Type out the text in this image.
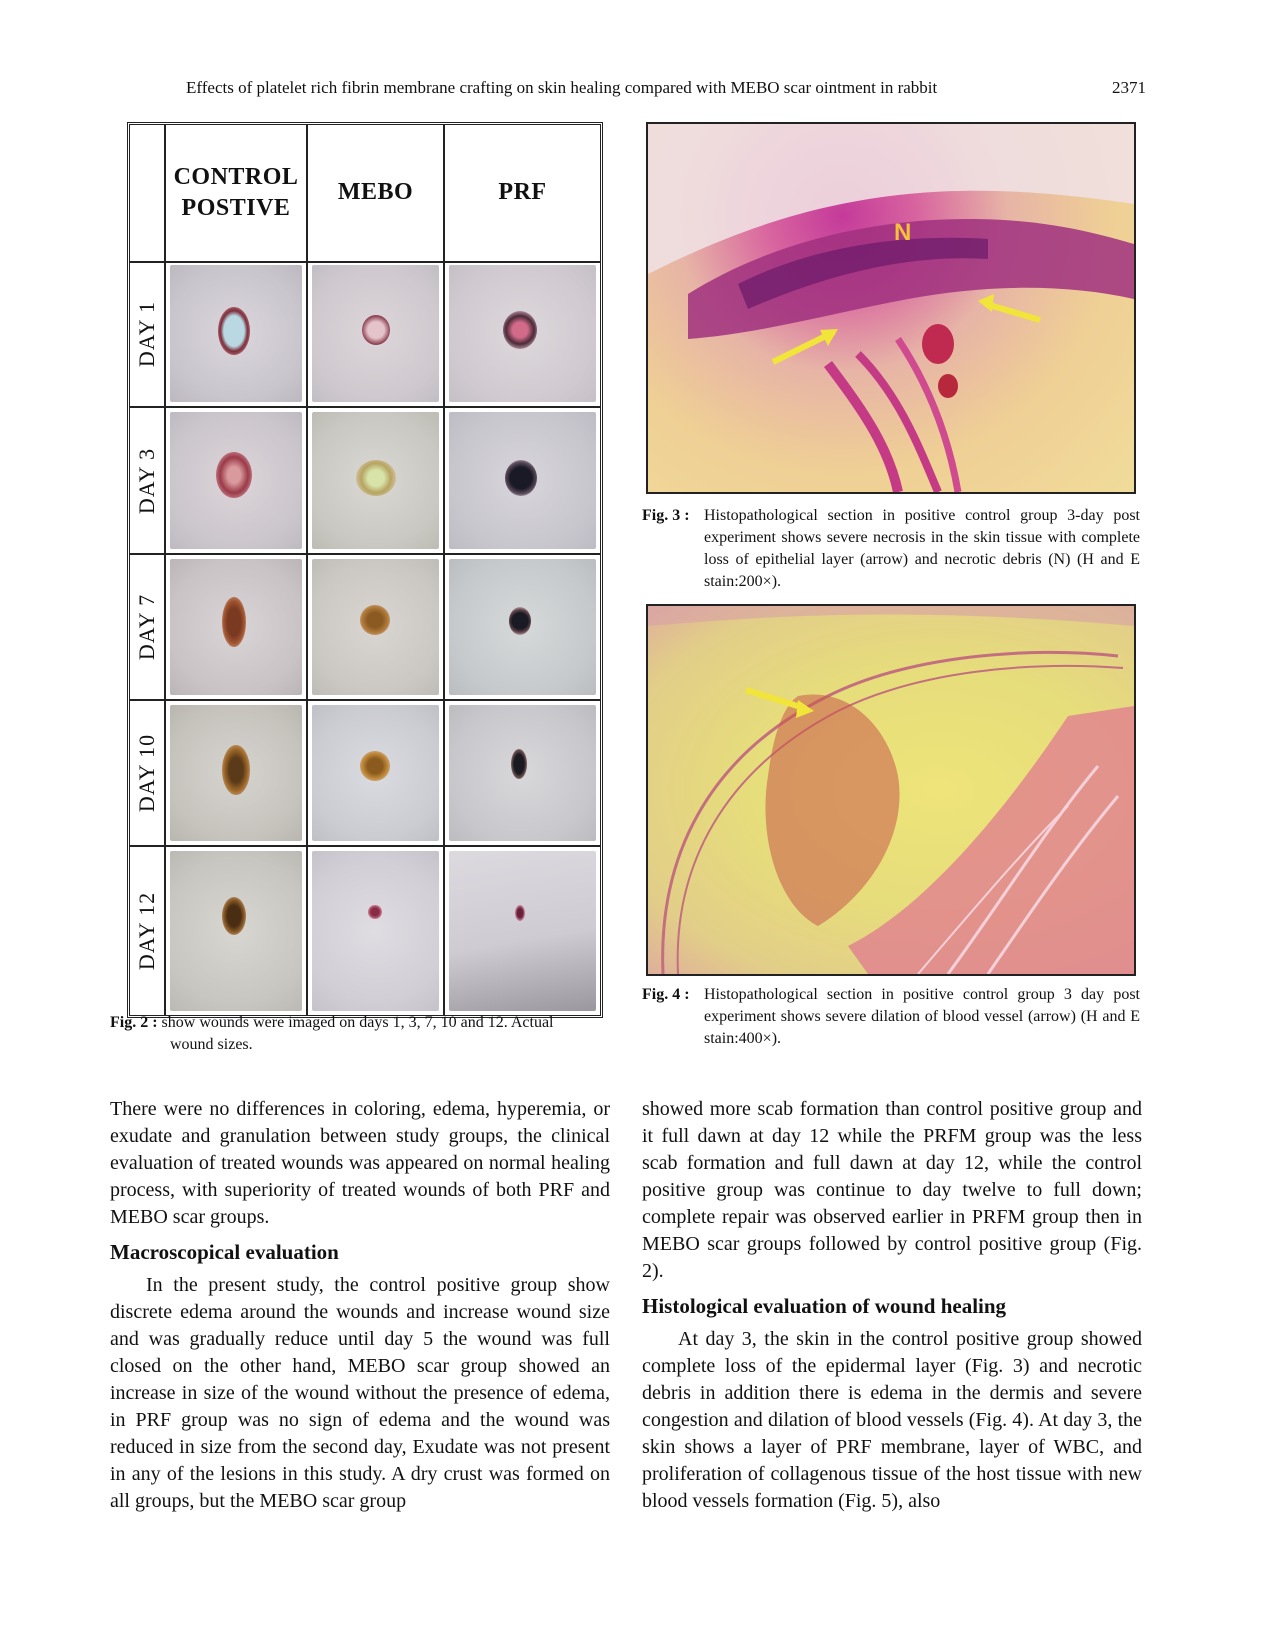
Effects of platelet rich fibrin membrane crafting on skin healing compared with MEBO scar ointment in rabbit	2371
CONTROL
POSTIVE
MEBO	PRF
DAY 1
DAY 3
DAY 7
DAY 10
DAY 12
Fig. 2 : show wounds were imaged on days 1, 3, 7, 10 and 12. Actual
wound sizes.
N
Fig. 3 : Histopathological section in positive control group 3-day post experiment shows severe necrosis in the skin tissue with complete loss of epithelial layer (arrow) and necrotic debris (N) (H and E stain:200×).
Fig. 4 : Histopathological section in positive control group 3 day post experiment shows severe dilation of blood vessel (arrow) (H and E stain:400×).

There were no differences in coloring, edema, hyperemia, or exudate and granulation between study groups, the clinical evaluation of treated wounds was appeared on normal healing process, with superiority of treated wounds of both PRF and MEBO scar groups.

Macroscopical evaluation

In the present study, the control positive group show discrete edema around the wounds and increase wound size and was gradually reduce until day 5 the wound was full closed on the other hand, MEBO scar group showed an increase in size of the wound without the presence of edema, in PRF group was no sign of edema and the wound was reduced in size from the second day, Exudate was not present in any of the lesions in this study. A dry crust was formed on all groups, but the MEBO scar group

showed more scab formation than control positive group and it full dawn at day 12 while the PRFM group was the less scab formation and full dawn at day 12, while the control positive group was continue to day twelve to full down; complete repair was observed earlier in PRFM group then in MEBO scar groups followed by control positive group (Fig. 2).

Histological evaluation of wound healing

At day 3, the skin in the control positive group showed complete loss of the epidermal layer (Fig. 3) and necrotic debris in addition there is edema in the dermis and severe congestion and dilation of blood vessels (Fig. 4). At day 3, the skin shows a layer of PRF membrane, layer of WBC, and proliferation of collagenous tissue of the host tissue with new blood vessels formation (Fig. 5), also
